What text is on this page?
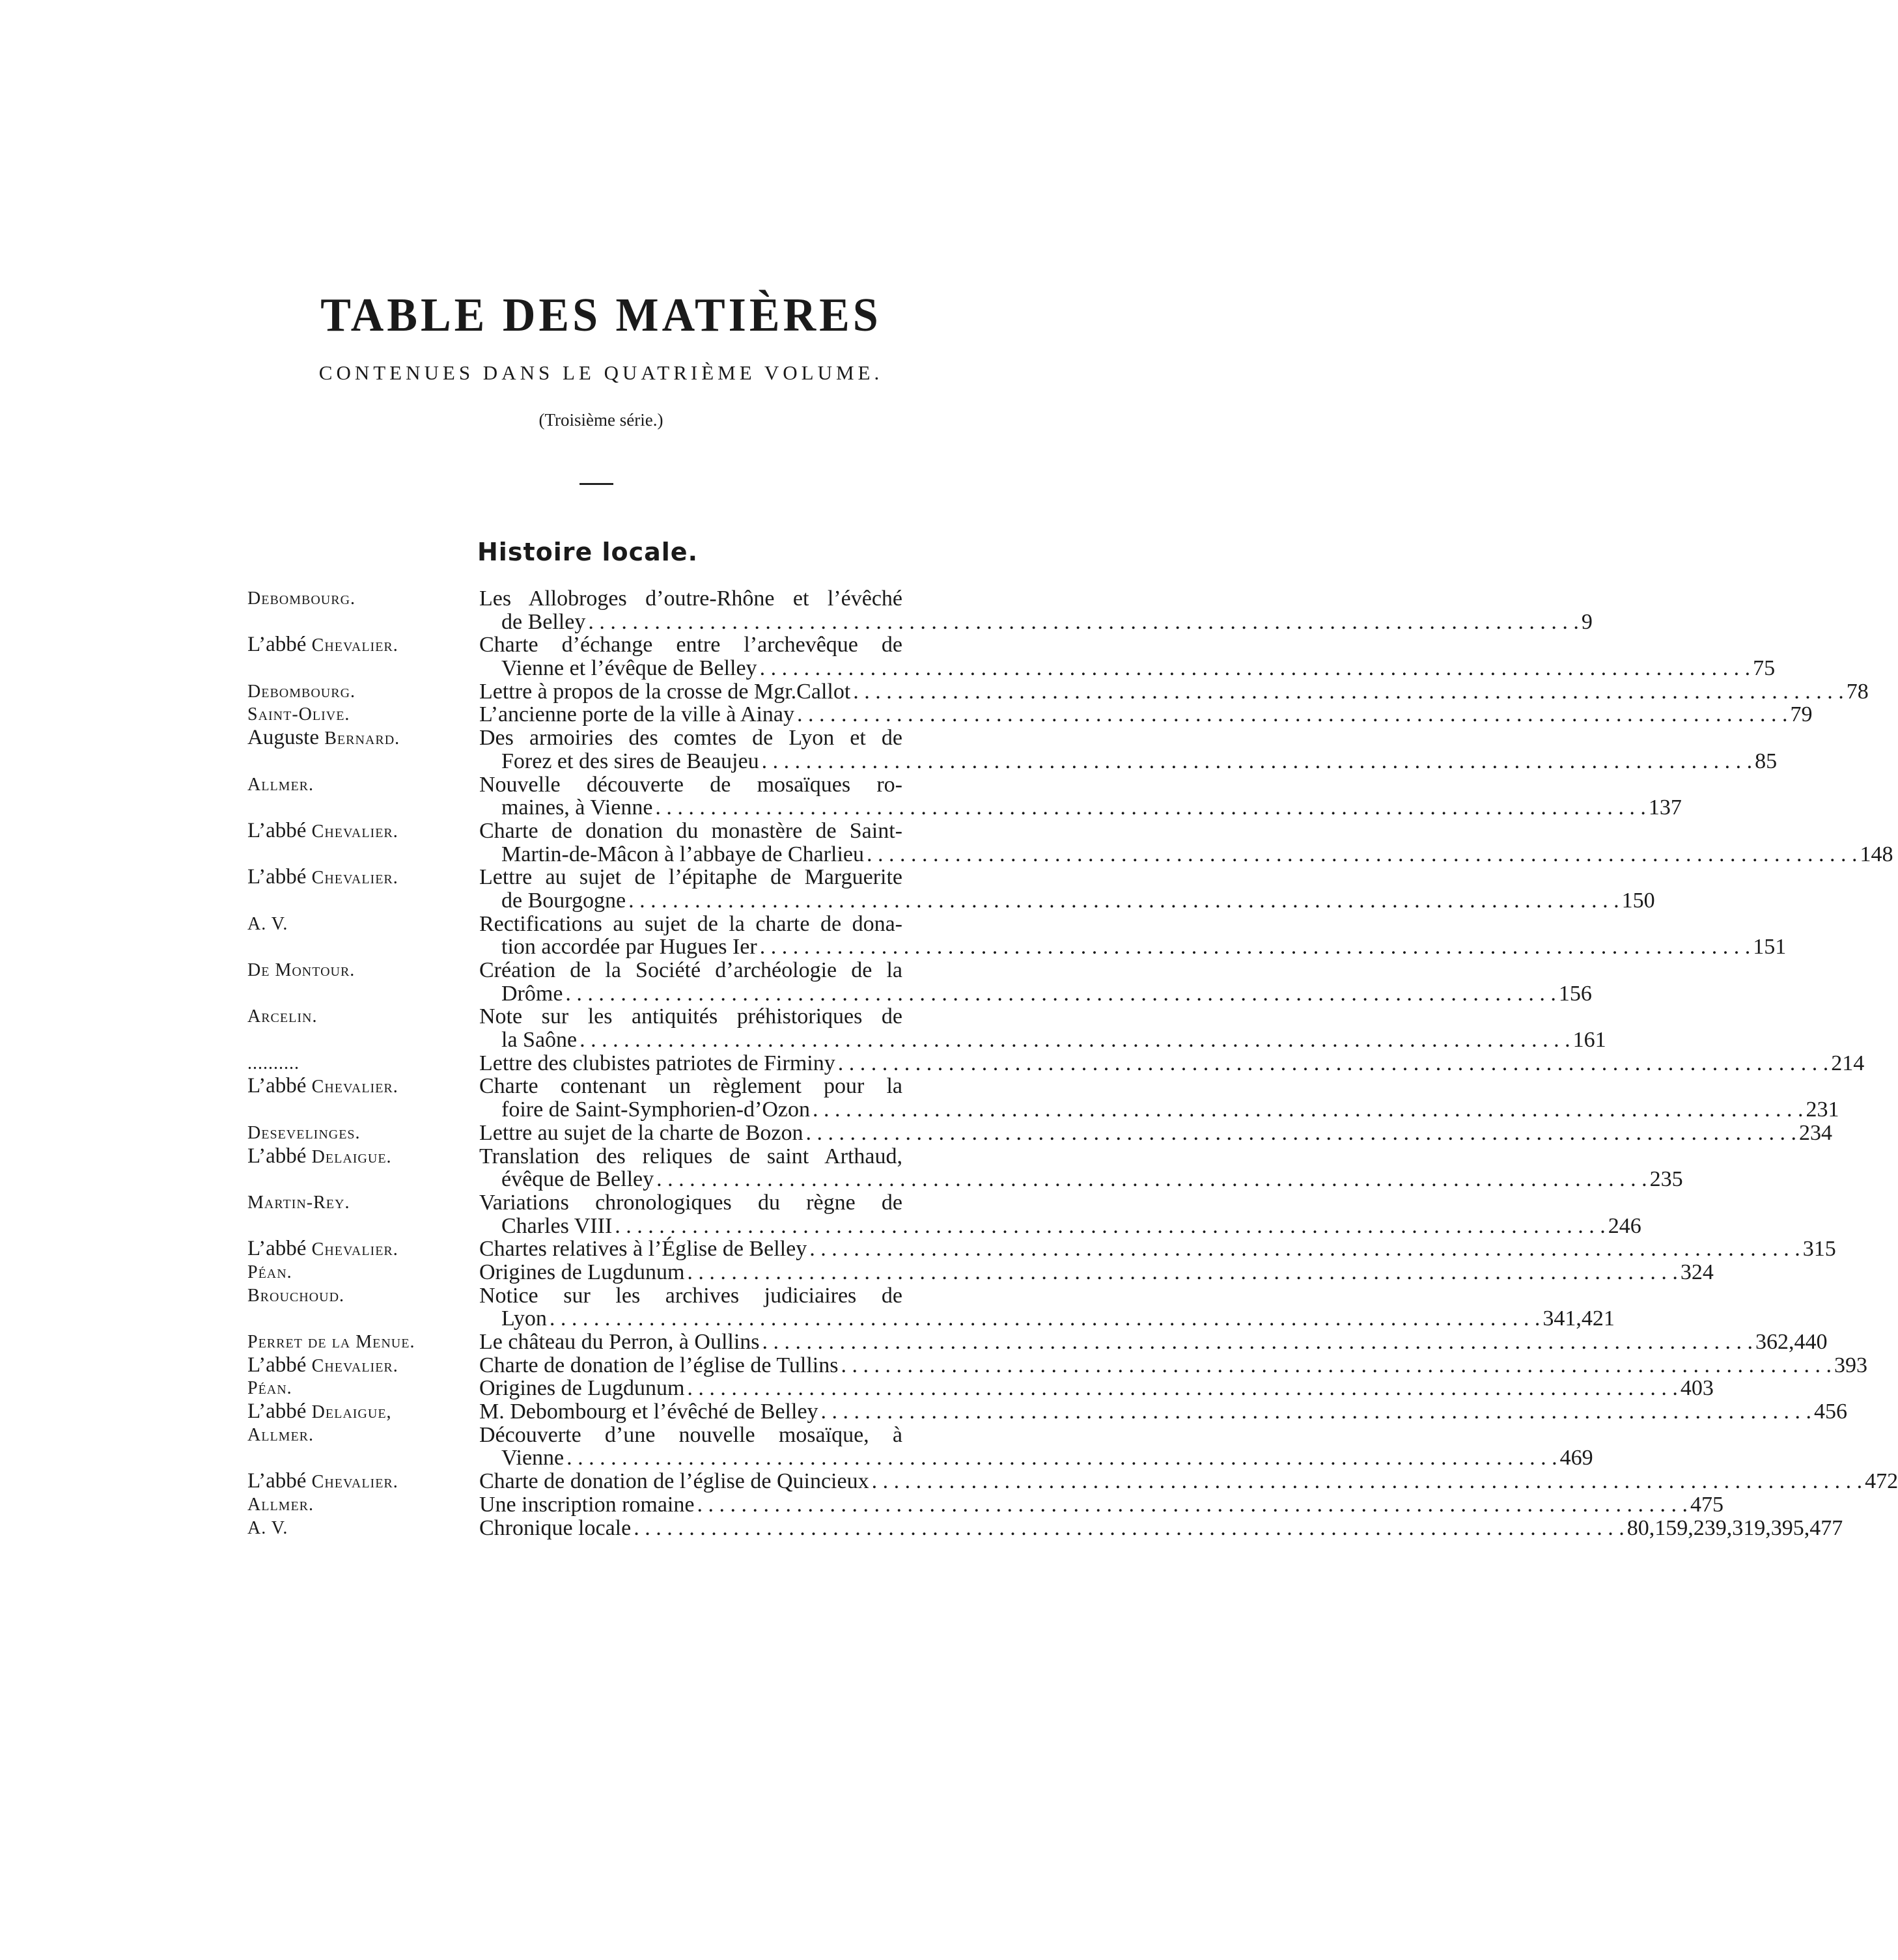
TABLE DES MATIÈRES
CONTENUES DANS LE QUATRIÈME VOLUME.
(Troisième série.)
Histoire locale.
Debombourg.	Les Allobroges d’outre-Rhône et l’évêché
de Belley . . .	9
L’abbé Chevalier.	Charte d’échange entre l’archevêque de
Vienne et l’évêque de Belley . . .	75
Debombourg.	Lettre à propos de la crosse de Mgr.Callot . . .	78
Saint-Olive.	L’ancienne porte de la ville à Ainay . . .	79
Auguste Bernard.	Des armoiries des comtes de Lyon et de
Forez et des sires de Beaujeu . . .	85
Allmer.	Nouvelle découverte de mosaïques ro-
maines, à Vienne . . .	137
L’abbé Chevalier.	Charte de donation du monastère de Saint-
Martin-de-Mâcon à l’abbaye de Charlieu . . .	148
L’abbé Chevalier.	Lettre au sujet de l’épitaphe de Marguerite
de Bourgogne . . .	150
A. V.	Rectifications au sujet de la charte de dona-
tion accordée par Hugues Ier . . .	151
De Montour.	Création de la Société d’archéologie de la
Drôme . . .	156
Arcelin.	Note sur les antiquités préhistoriques de
la Saône . . .	161
..........	Lettre des clubistes patriotes de Firminy . . .	214
L’abbé Chevalier.	Charte contenant un règlement pour la
foire de Saint-Symphorien-d’Ozon . . .	231
Desevelinges.	Lettre au sujet de la charte de Bozon . . .	234
L’abbé Delaigue.	Translation des reliques de saint Arthaud,
évêque de Belley . . .	235
Martin-Rey.	Variations chronologiques du règne de
Charles VIII . . .	246
L’abbé Chevalier.	Chartes relatives à l’Église de Belley . . .	315
Péan.	Origines de Lugdunum . . .	324
Brouchoud.	Notice sur les archives judiciaires de
Lyon . . .	341,421
Perret de la Menue.	Le château du Perron, à Oullins . . .	362,440
L’abbé Chevalier.	Charte de donation de l’église de Tullins . . .	393
Péan.	Origines de Lugdunum . . .	403
L’abbé Delaigue,	M. Debombourg et l’évêché de Belley . . .	456
Allmer.	Découverte d’une nouvelle mosaïque, à
Vienne . . .	469
L’abbé Chevalier.	Charte de donation de l’église de Quincieux . . .	472
Allmer.	Une inscription romaine . . .	475
A. V.	Chronique locale . . .	80,159,239,319,395,477
